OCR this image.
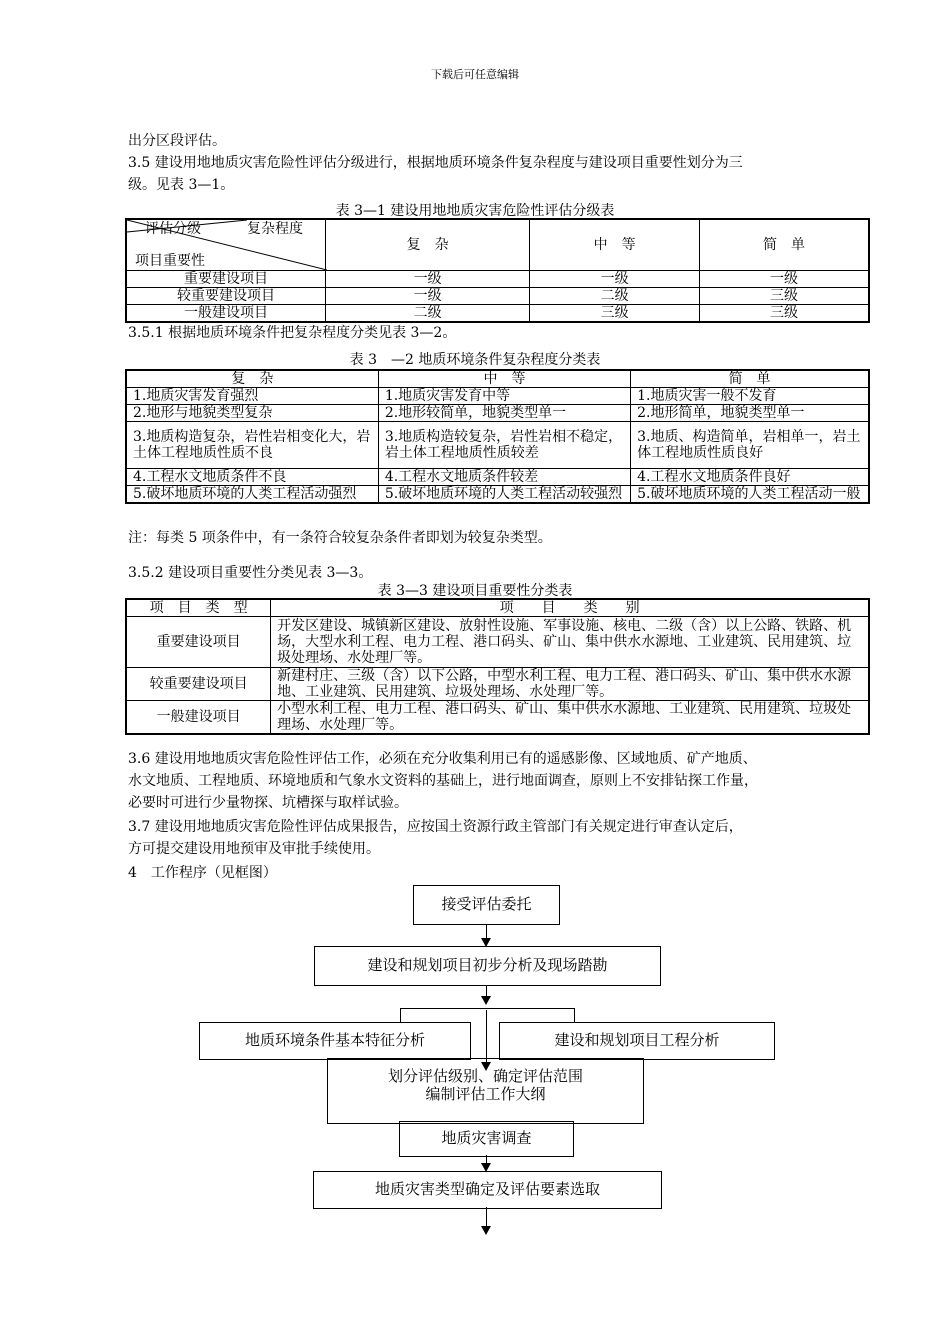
下载后可任意编辑
出分区段评估。
3.5 建设用地地质灾害危险性评估分级进行，根据地质环境条件复杂程度与建设项目重要性划分为三
级。见表 3—1。
表 3—1 建设用地地质灾害危险性评估分级表
评估分级 复杂程度
项目重要性	复　杂	中　等	简　单
重要建设项目	一级	一级	一级
较重要建设项目	一级	二级	三级
一般建设项目	二级	三级	三级
3.5.1 根据地质环境条件把复杂程度分类见表 3—2。
表 3　—2 地质环境条件复杂程度分类表
复　杂	中　等	简　单
1.地质灾害发育强烈	1.地质灾害发育中等	1.地质灾害一般不发育
2.地形与地貌类型复杂	2.地形较简单，地貌类型单一	2.地形简单，地貌类型单一
3.地质构造复杂，岩性岩相变化大，岩土体工程地质性质不良	3.地质构造较复杂，岩性岩相不稳定，岩土体工程地质性质较差	3.地质、构造简单，岩相单一，岩土体工程地质性质良好
4.工程水文地质条件不良	4.工程水文地质条件较差	4.工程水文地质条件良好
5.破坏地质环境的人类工程活动强烈	5.破坏地质环境的人类工程活动较强烈	5.破坏地质环境的人类工程活动一般
注：每类 5 项条件中，有一条符合较复杂条件者即划为较复杂类型。
3.5.2 建设项目重要性分类见表 3—3。
表 3—3 建设项目重要性分类表
项　目　类　型	项　　目　　类　　别
重要建设项目	开发区建设、城镇新区建设、放射性设施、军事设施、核电、二级（含）以上公路、铁路、机场，大型水利工程、电力工程、港口码头、矿山、集中供水水源地、工业建筑、民用建筑、垃圾处理场、水处理厂等。
较重要建设项目	新建村庄、三级（含）以下公路，中型水利工程、电力工程、港口码头、矿山、集中供水水源地、工业建筑、民用建筑、垃圾处理场、水处理厂等。
一般建设项目	小型水利工程、电力工程、港口码头、矿山、集中供水水源地、工业建筑、民用建筑、垃圾处理场、水处理厂等。
3.6 建设用地地质灾害危险性评估工作，必须在充分收集利用已有的遥感影像、区域地质、矿产地质、
水文地质、工程地质、环境地质和气象水文资料的基础上，进行地面调查，原则上不安排钻探工作量，
必要时可进行少量物探、坑槽探与取样试验。
3.7 建设用地地质灾害危险性评估成果报告，应按国土资源行政主管部门有关规定进行审查认定后，
方可提交建设用地预审及审批手续使用。
4　工作程序（见框图）
接受评估委托
建设和规划项目初步分析及现场踏勘
地质环境条件基本特征分析	建设和规划项目工程分析
划分评估级别、确定评估范围
编制评估工作大纲
地质灾害调查
地质灾害类型确定及评估要素选取
